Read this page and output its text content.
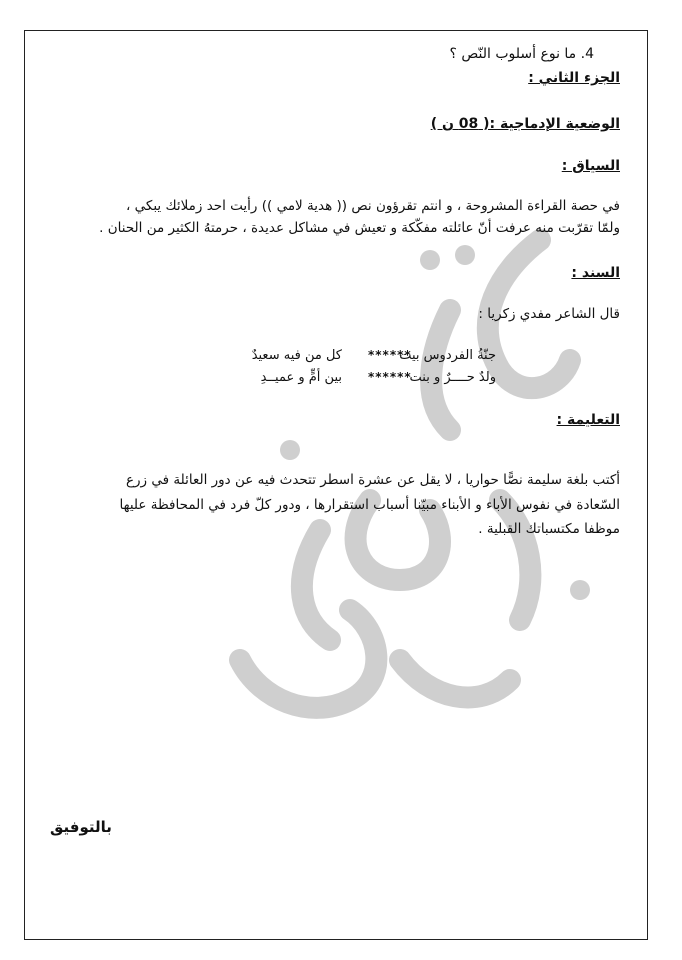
4. ما نوع أسلوب النّص ؟
الجزء الثاني :
الوضعية الإدماجية :( 08 ن )
السياق :
في حصة القراءة المشروحة ، و انتم تقرؤون نص (( هدية لامي )) رأيت احد زملائك يبكي ،
ولمّا تقرّبت منه عرفت أنّ عائلته مفكّكة و تعيش في مشاكل عديدة ، حرمتهُ الكثير من الحنان .
السند :
قال الشاعر مفدي زكريا :
جنّةُ الفردوس بيت
******
كل من فيه سعيدٌ
ولدٌ حــــرٌ و بنت
******
بين أمٍّ و عميــدِ
التعليمة :
أكتب بلغة سليمة نصًّا حواريا ، لا يقل عن عشرة اسطر تتحدث فيه عن دور العائلة في زرع
السّعادة في نفوس الأباء و الأبناء مبيّنا أسباب استقرارها ، ودور كلّ فرد في المحافظة عليها
موظفا مكتسباتك القبلية .
بالتوفيق
